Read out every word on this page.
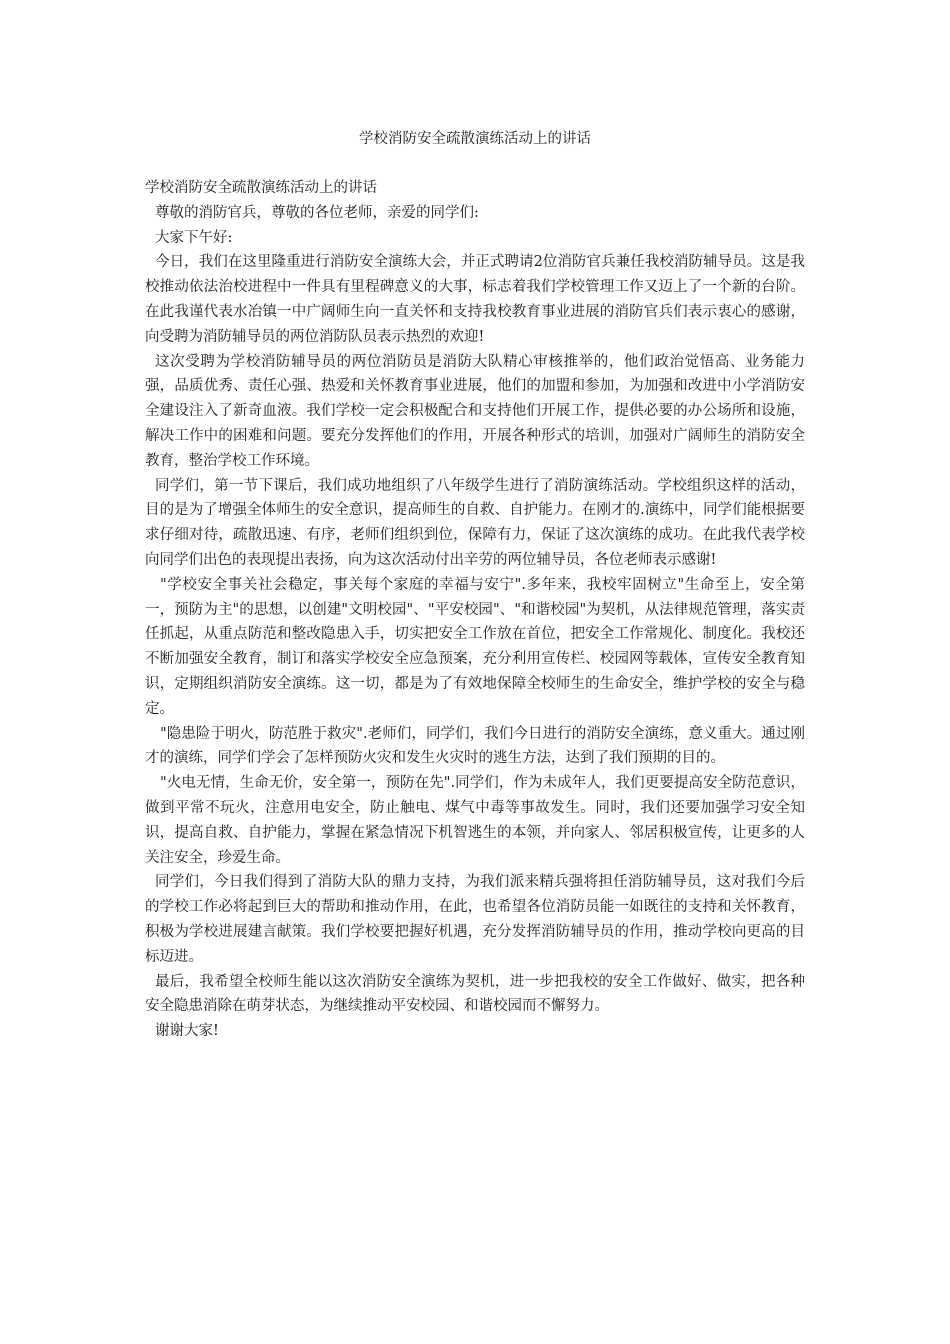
学校消防安全疏散演练活动上的讲话

学校消防安全疏散演练活动上的讲话

尊敬的消防官兵，尊敬的各位老师，亲爱的同学们:

大家下午好:

今日，我们在这里隆重进行消防安全演练大会，并正式聘请2位消防官兵兼任我校消防辅导员。这是我校推动依法治校进程中一件具有里程碑意义的大事，标志着我们学校管理工作又迈上了一个新的台阶。在此我谨代表水冶镇一中广阔师生向一直关怀和支持我校教育事业进展的消防官兵们表示衷心的感谢，向受聘为消防辅导员的两位消防队员表示热烈的欢迎!

这次受聘为学校消防辅导员的两位消防员是消防大队精心审核推举的，他们政治觉悟高、业务能力强，品质优秀、责任心强、热爱和关怀教育事业进展，他们的加盟和参加，为加强和改进中小学消防安全建设注入了新奇血液。我们学校一定会积极配合和支持他们开展工作，提供必要的办公场所和设施，解决工作中的困难和问题。要充分发挥他们的作用，开展各种形式的培训，加强对广阔师生的消防安全教育，整治学校工作环境。

同学们，第一节下课后，我们成功地组织了八年级学生进行了消防演练活动。学校组织这样的活动，目的是为了增强全体师生的安全意识，提高师生的自救、自护能力。在刚才的.演练中，同学们能根据要求仔细对待，疏散迅速、有序，老师们组织到位，保障有力，保证了这次演练的成功。在此我代表学校向同学们出色的表现提出表扬，向为这次活动付出辛劳的两位辅导员，各位老师表示感谢!

"学校安全事关社会稳定，事关每个家庭的幸福与安宁".多年来，我校牢固树立"生命至上，安全第一，预防为主"的思想，以创建"文明校园"、"平安校园"、"和谐校园"为契机，从法律规范管理，落实责任抓起，从重点防范和整改隐患入手，切实把安全工作放在首位，把安全工作常规化、制度化。我校还不断加强安全教育，制订和落实学校安全应急预案，充分利用宣传栏、校园网等载体，宣传安全教育知识，定期组织消防安全演练。这一切，都是为了有效地保障全校师生的生命安全，维护学校的安全与稳定。

"隐患险于明火，防范胜于救灾".老师们，同学们，我们今日进行的消防安全演练，意义重大。通过刚才的演练，同学们学会了怎样预防火灾和发生火灾时的逃生方法，达到了我们预期的目的。

"火电无情，生命无价，安全第一，预防在先".同学们，作为未成年人，我们更要提高安全防范意识，做到平常不玩火，注意用电安全，防止触电、煤气中毒等事故发生。同时，我们还要加强学习安全知识，提高自救、自护能力，掌握在紧急情况下机智逃生的本领，并向家人、邻居积极宣传，让更多的人关注安全，珍爱生命。

同学们，今日我们得到了消防大队的鼎力支持，为我们派来精兵强将担任消防辅导员，这对我们今后的学校工作必将起到巨大的帮助和推动作用，在此，也希望各位消防员能一如既往的支持和关怀教育，积极为学校进展建言献策。我们学校要把握好机遇，充分发挥消防辅导员的作用，推动学校向更高的目标迈进。

最后，我希望全校师生能以这次消防安全演练为契机，进一步把我校的安全工作做好、做实，把各种安全隐患消除在萌芽状态，为继续推动平安校园、和谐校园而不懈努力。

谢谢大家!
